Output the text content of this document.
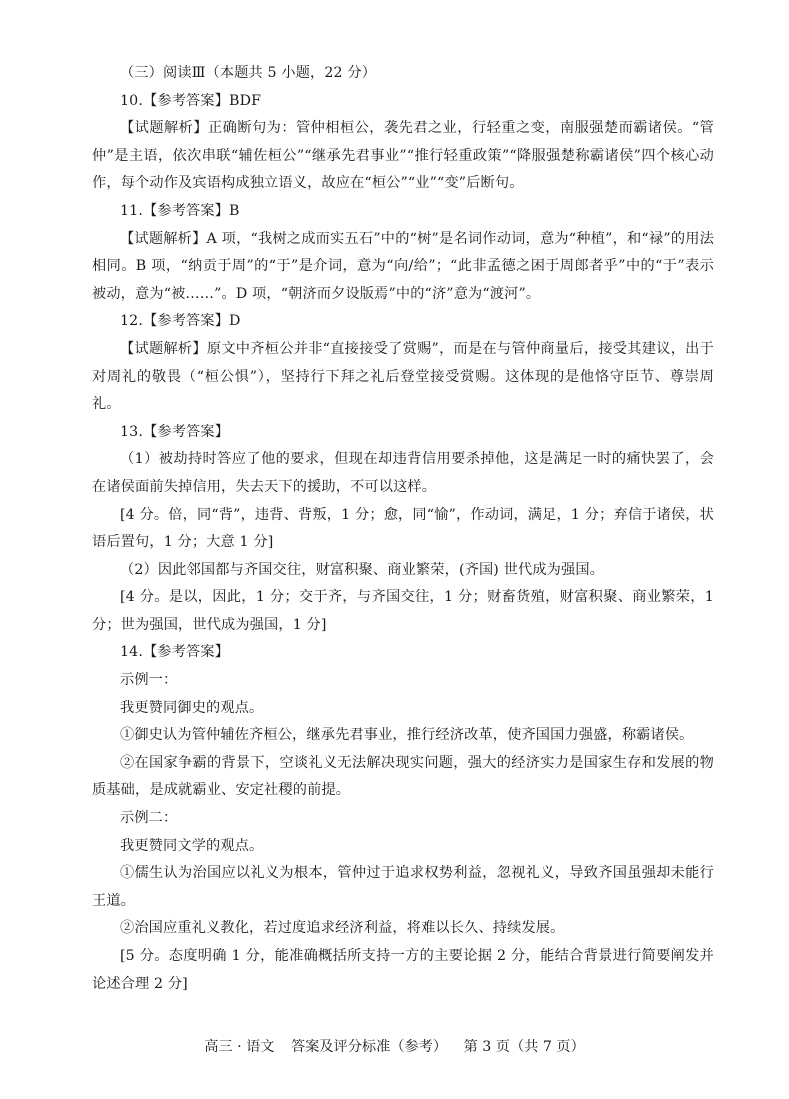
（三）阅读Ⅲ（本题共 5 小题，22 分）

10.【参考答案】BDF

【试题解析】正确断句为：管仲相桓公，袭先君之业，行轻重之变，南服强楚而霸诸侯。“管仲”是主语，依次串联“辅佐桓公”“继承先君事业”“推行轻重政策”“降服强楚称霸诸侯”四个核心动作，每个动作及宾语构成独立语义，故应在“桓公”“业”“变”后断句。

11.【参考答案】B

【试题解析】A 项，“我树之成而实五石”中的“树”是名词作动词，意为“种植”，和“禄”的用法相同。B 项，“纳贡于周”的“于”是介词，意为“向/给”；“此非孟德之困于周郎者乎”中的“于”表示被动，意为“被……”。D 项，“朝济而夕设版焉”中的“济”意为“渡河”。

12.【参考答案】D

【试题解析】原文中齐桓公并非“直接接受了赏赐”，而是在与管仲商量后，接受其建议，出于对周礼的敬畏（“桓公惧”），坚持行下拜之礼后登堂接受赏赐。这体现的是他恪守臣节、尊崇周礼。

13.【参考答案】

（1）被劫持时答应了他的要求，但现在却违背信用要杀掉他，这是满足一时的痛快罢了，会在诸侯面前失掉信用，失去天下的援助，不可以这样。

[4 分。倍，同“背”，违背、背叛，1 分；愈，同“愉”，作动词，满足，1 分；弃信于诸侯，状语后置句，1 分；大意 1 分]

（2）因此邻国都与齐国交往，财富积聚、商业繁荣，(齐国) 世代成为强国。

[4 分。是以，因此，1 分；交于齐，与齐国交往，1 分；财畜货殖，财富积聚、商业繁荣，1 分；世为强国，世代成为强国，1 分]

14.【参考答案】

示例一：

我更赞同御史的观点。

①御史认为管仲辅佐齐桓公，继承先君事业，推行经济改革，使齐国国力强盛，称霸诸侯。

②在国家争霸的背景下，空谈礼义无法解决现实问题，强大的经济实力是国家生存和发展的物质基础，是成就霸业、安定社稷的前提。

示例二：

我更赞同文学的观点。

①儒生认为治国应以礼义为根本，管仲过于追求权势利益，忽视礼义，导致齐国虽强却未能行王道。

②治国应重礼义教化，若过度追求经济利益，将难以长久、持续发展。

[5 分。态度明确 1 分，能准确概括所支持一方的主要论据 2 分，能结合背景进行简要阐发并论述合理 2 分]

高三 · 语文 答案及评分标准（参考） 第 3 页（共 7 页）
